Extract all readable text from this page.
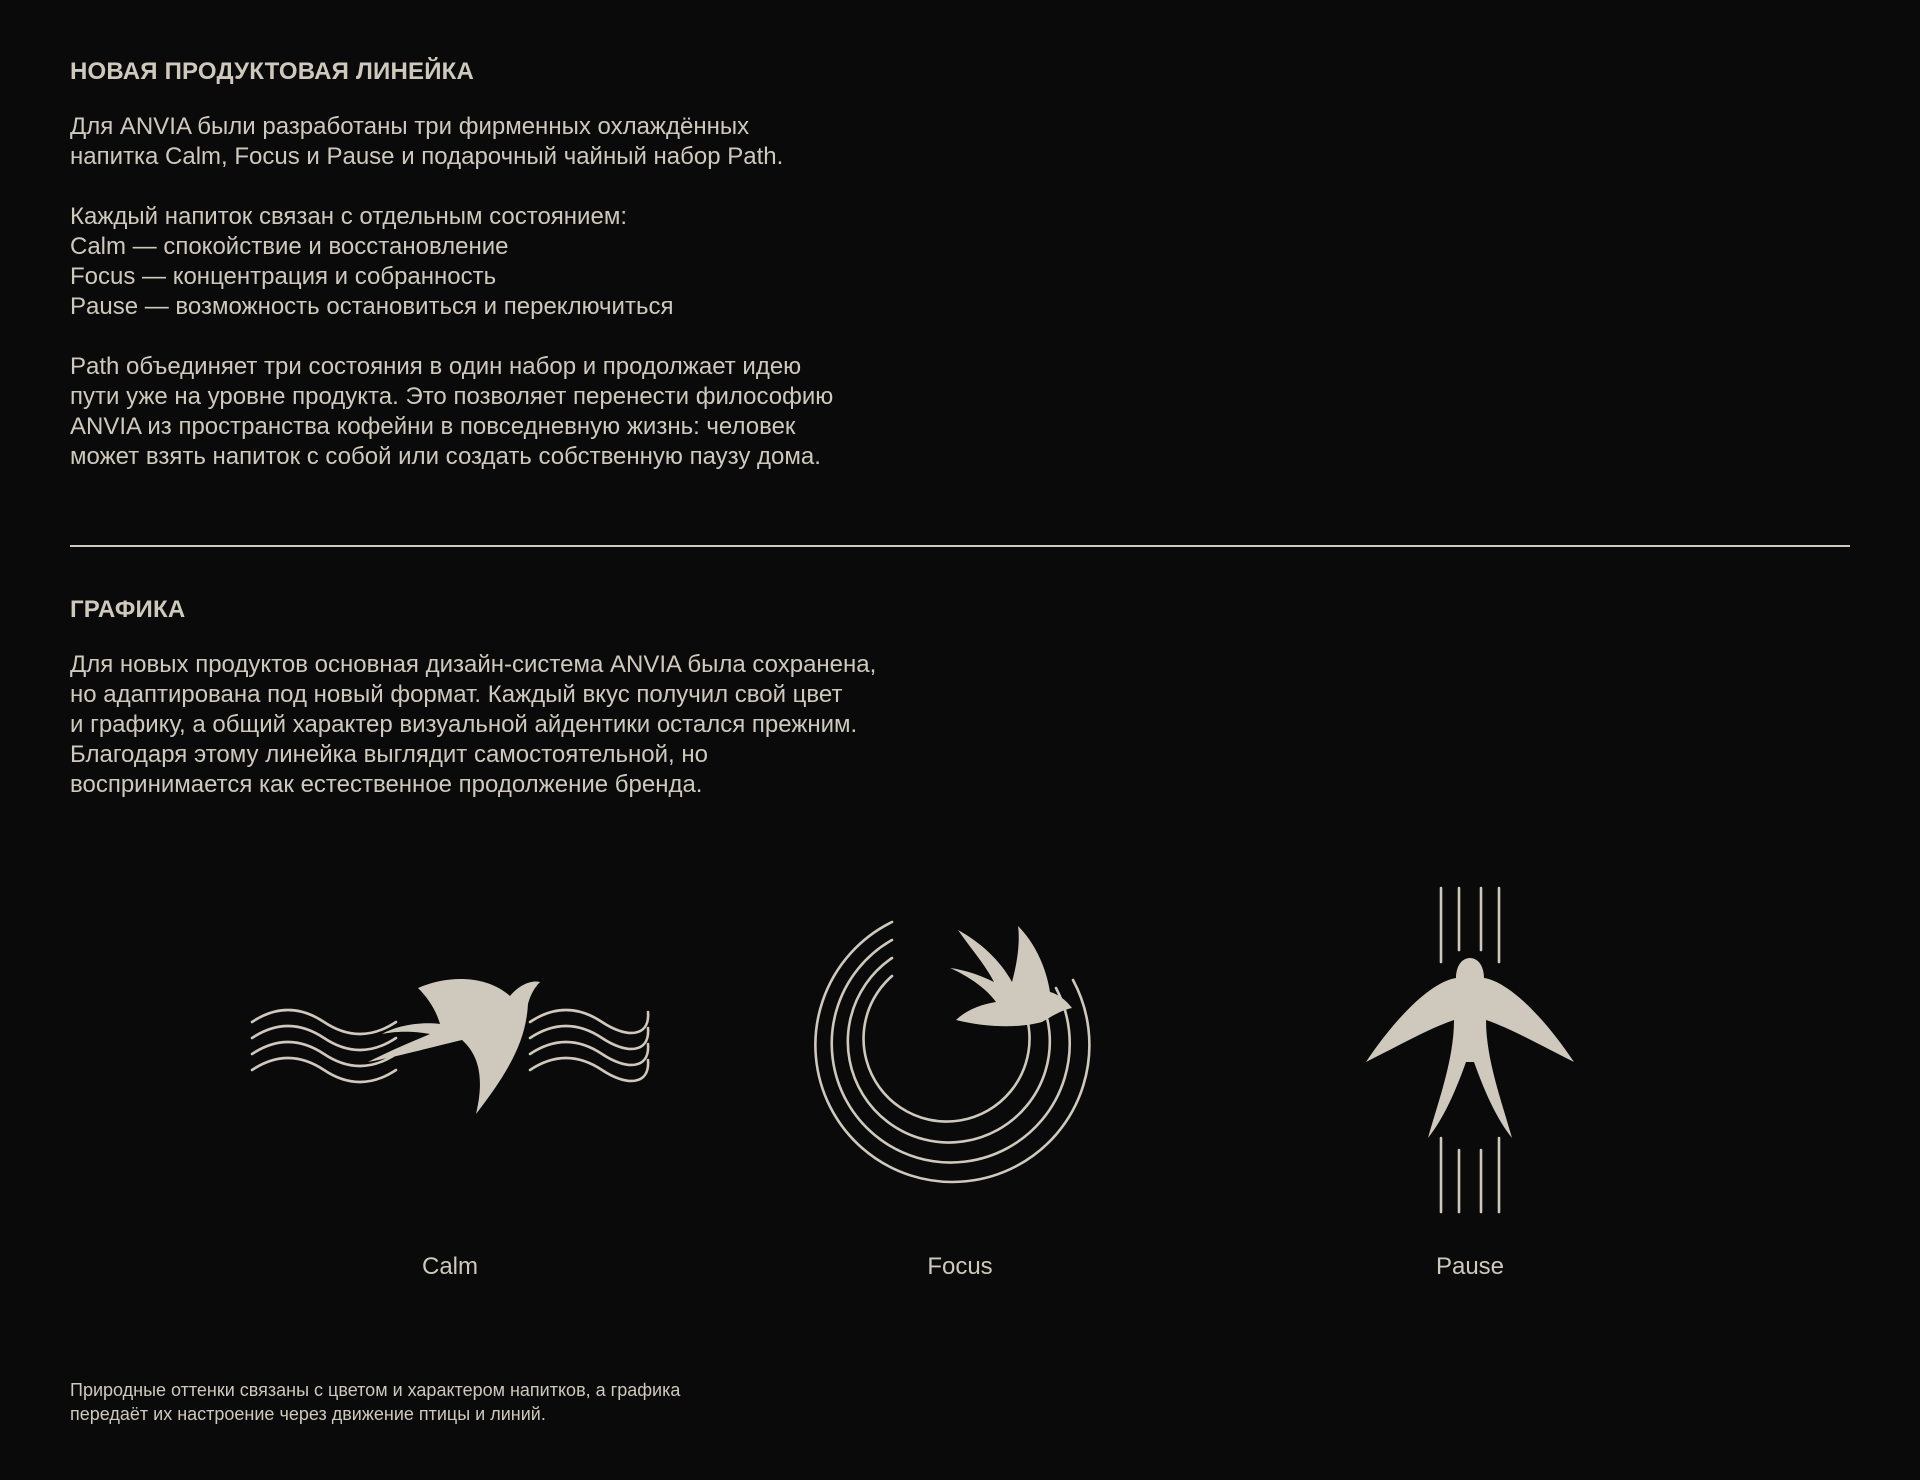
НОВАЯ ПРОДУКТОВАЯ ЛИНЕЙКА

Для ANVIA были разработаны три фирменных охлаждённых
напитка Calm, Focus и Pause и подарочный чайный набор Path.

Каждый напиток связан с отдельным состоянием:
Calm — спокойствие и восстановление
Focus — концентрация и собранность
Pause — возможность остановиться и переключиться

Path объединяет три состояния в один набор и продолжает идею
пути уже на уровне продукта. Это позволяет перенести философию
ANVIA из пространства кофейни в повседневную жизнь: человек
может взять напиток с собой или создать собственную паузу дома.

ГРАФИКА

Для новых продуктов основная дизайн-система ANVIA была сохранена,
но адаптирована под новый формат. Каждый вкус получил свой цвет
и графику, а общий характер визуальной айдентики остался прежним.
Благодаря этому линейка выглядит самостоятельной, но
воспринимается как естественное продолжение бренда.

Calm	Focus	Pause
Природные оттенки связаны с цветом и характером напитков, а графика
передаёт их настроение через движение птицы и линий.
